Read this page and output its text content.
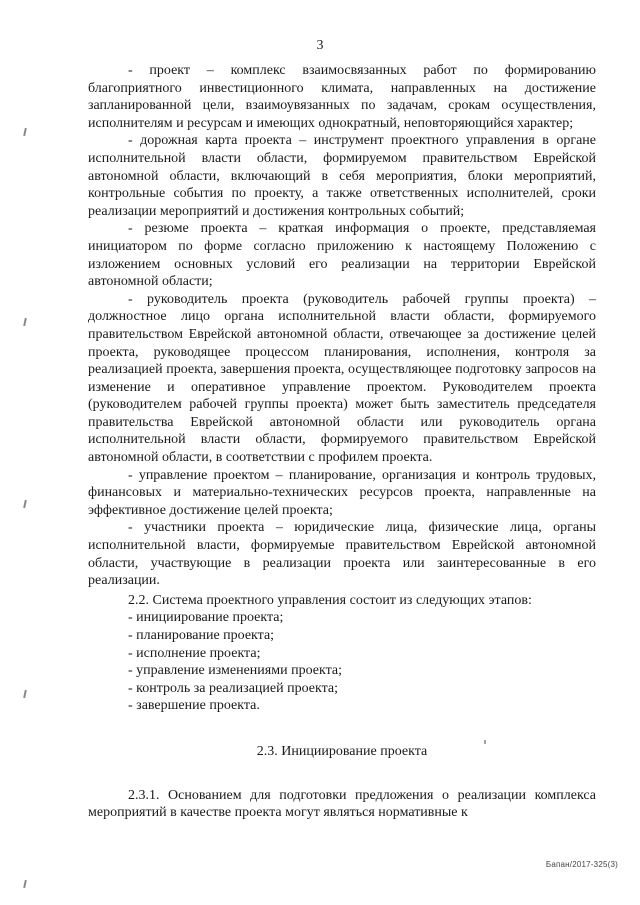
3

- проект – комплекс взаимосвязанных работ по формированию благоприятного инвестиционного климата, направленных на достижение запланированной цели, взаимоувязанных по задачам, срокам осуществления, исполнителям и ресурсам и имеющих однократный, неповторяющийся характер;

- дорожная карта проекта – инструмент проектного управления в органе исполнительной власти области, формируемом правительством Еврейской автономной области, включающий в себя мероприятия, блоки мероприятий, контрольные события по проекту, а также ответственных исполнителей, сроки реализации мероприятий и достижения контрольных событий;

- резюме проекта – краткая информация о проекте, представляемая инициатором по форме согласно приложению к настоящему Положению с изложением основных условий его реализации на территории Еврейской автономной области;

- руководитель проекта (руководитель рабочей группы проекта) – должностное лицо органа исполнительной власти области, формируемого правительством Еврейской автономной области, отвечающее за достижение целей проекта, руководящее процессом планирования, исполнения, контроля за реализацией проекта, завершения проекта, осуществляющее подготовку запросов на изменение и оперативное управление проектом. Руководителем проекта (руководителем рабочей группы проекта) может быть заместитель председателя правительства Еврейской автономной области или руководитель органа исполнительной власти области, формируемого правительством Еврейской автономной области, в соответствии с профилем проекта.

- управление проектом – планирование, организация и контроль трудовых, финансовых и материально-технических ресурсов проекта, направленные на эффективное достижение целей проекта;

- участники проекта – юридические лица, физические лица, органы исполнительной власти, формируемые правительством Еврейской автономной области, участвующие в реализации проекта или заинтересованные в его реализации.

2.2. Система проектного управления состоит из следующих этапов:

- инициирование проекта;

- планирование проекта;

- исполнение проекта;

- управление изменениями проекта;

- контроль за реализацией проекта;

- завершение проекта.

2.3. Инициирование проекта

2.3.1. Основанием для подготовки предложения о реализации комплекса мероприятий в качестве проекта могут являться нормативные к

Бапан/2017-325(3)
